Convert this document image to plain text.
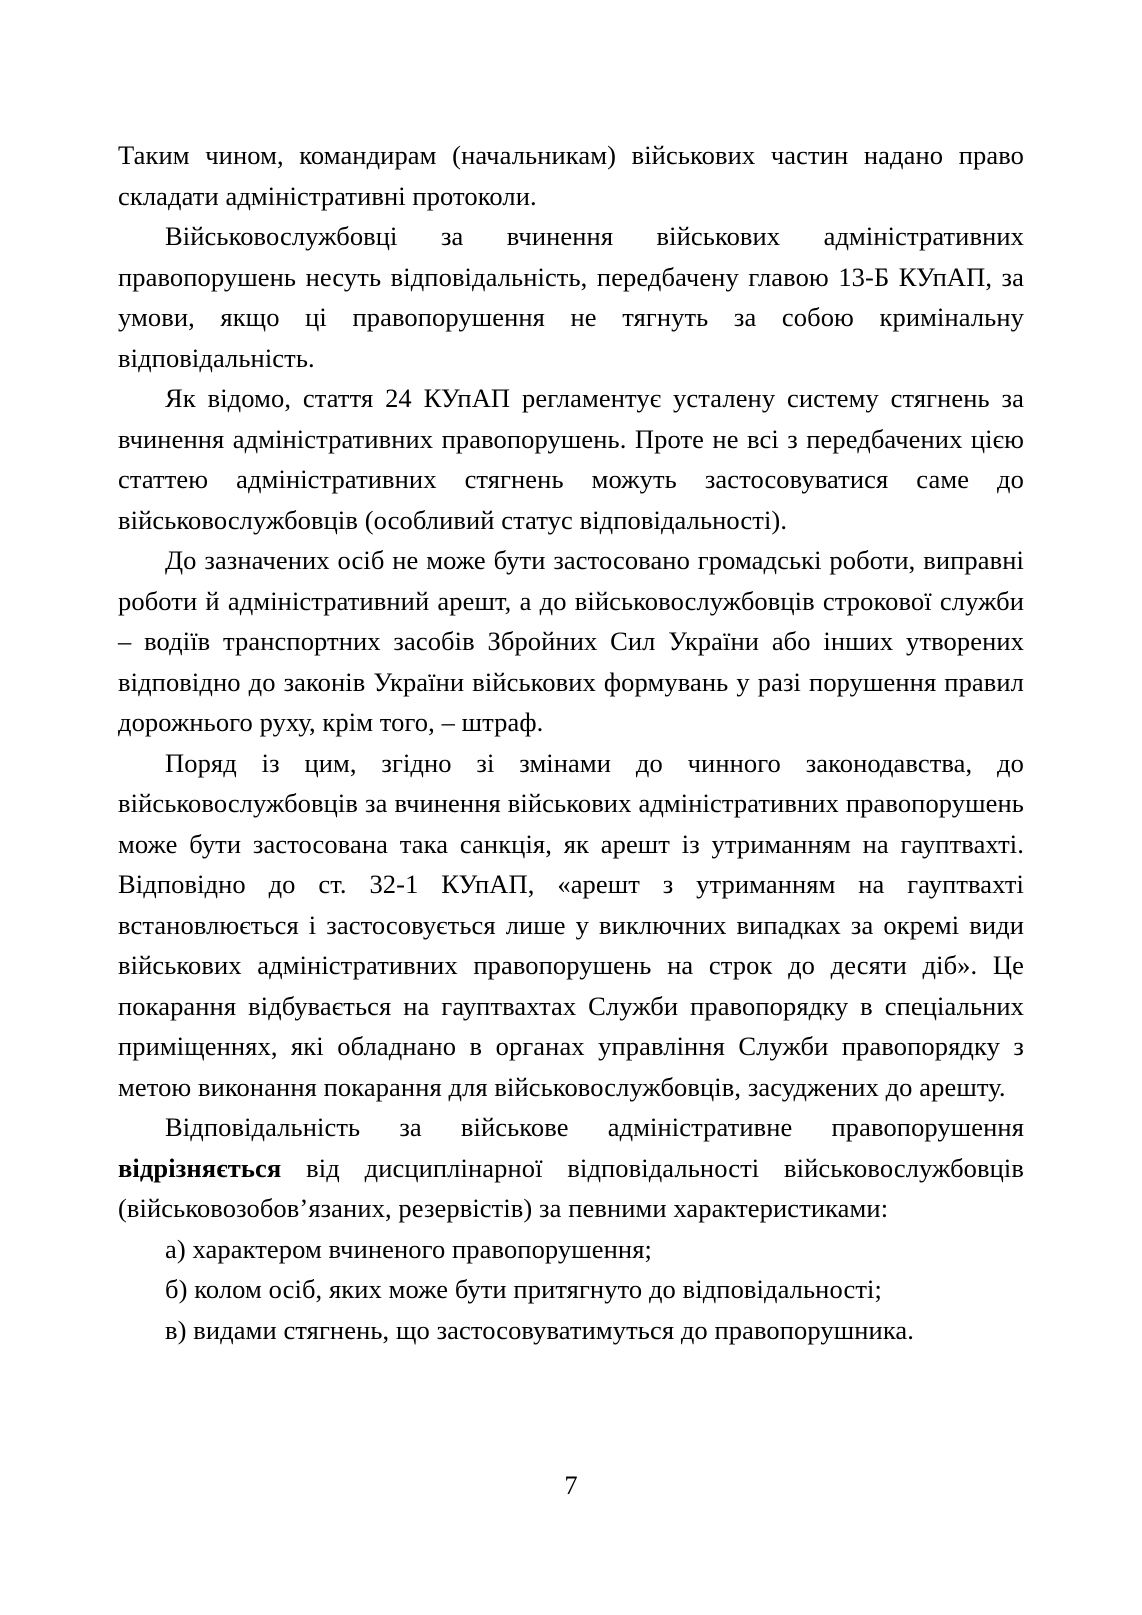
Таким чином, командирам (начальникам) військових частин надано право складати адміністративні протоколи.

Військовослужбовці за вчинення військових адміністративних правопорушень несуть відповідальність, передбачену главою 13-Б КУпАП, за умови, якщо ці правопорушення не тягнуть за собою кримінальну відповідальність.

Як відомо, стаття 24 КУпАП регламентує усталену систему стягнень за вчинення адміністративних правопорушень. Проте не всі з передбачених цією статтею адміністративних стягнень можуть застосовуватися саме до військовослужбовців (особливий статус відповідальності).

До зазначених осіб не може бути застосовано громадські роботи, виправні роботи й адміністративний арешт, а до військовослужбовців строкової служби – водіїв транспортних засобів Збройних Сил України або інших утворених відповідно до законів України військових формувань у разі порушення правил дорожнього руху, крім того, – штраф.

Поряд із цим, згідно зі змінами до чинного законодавства, до військовослужбовців за вчинення військових адміністративних правопорушень може бути застосована така санкція, як арешт із утриманням на гауптвахті. Відповідно до ст. 32-1 КУпАП, «арешт з утриманням на гауптвахті встановлюється і застосовується лише у виключних випадках за окремі види військових адміністративних правопорушень на строк до десяти діб». Це покарання відбувається на гауптвахтах Служби правопорядку в спеціальних приміщеннях, які обладнано в органах управління Служби правопорядку з метою виконання покарання для військовослужбовців, засуджених до арешту.

Відповідальність за військове адміністративне правопорушення відрізняється від дисциплінарної відповідальності військовослужбовців (військовозобов’язаних, резервістів) за певними характеристиками:

а) характером вчиненого правопорушення;

б) колом осіб, яких може бути притягнуто до відповідальності;

в) видами стягнень, що застосовуватимуться до правопорушника.

7
